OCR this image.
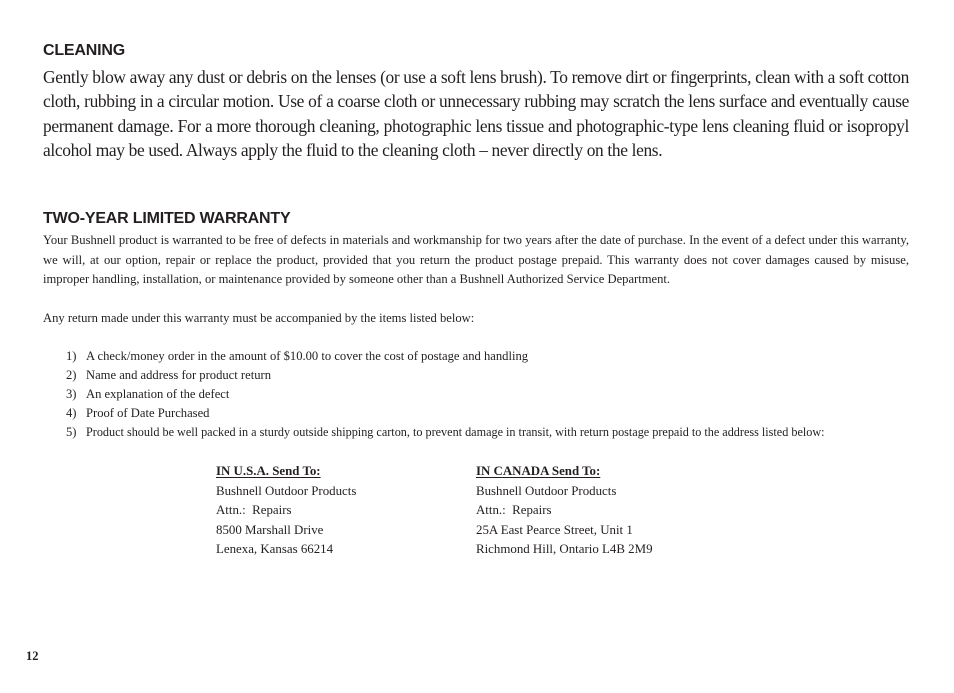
CLEANING

Gently blow away any dust or debris on the lenses (or use a soft lens brush). To remove dirt or fingerprints, clean with a soft cotton cloth, rubbing in a circular motion. Use of a coarse cloth or unnecessary rubbing may scratch the lens surface and eventually cause permanent damage. For a more thorough cleaning, photographic lens tissue and photographic-type lens cleaning fluid or isopropyl alcohol may be used. Always apply the fluid to the cleaning cloth – never directly on the lens.

TWO-YEAR LIMITED WARRANTY

Your Bushnell product is warranted to be free of defects in materials and workmanship for two years after the date of purchase. In the event of a defect under this warranty, we will, at our option, repair or replace the product, provided that you return the product postage prepaid. This warranty does not cover damages caused by misuse, improper handling, installation, or maintenance provided by someone other than a Bushnell Authorized Service Department.

Any return made under this warranty must be accompanied by the items listed below:

1) A check/money order in the amount of $10.00 to cover the cost of postage and handling
2) Name and address for product return
3) An explanation of the defect
4) Proof of Date Purchased
5) Product should be well packed in a sturdy outside shipping carton, to prevent damage in transit, with return postage prepaid to the address listed below:
IN U.S.A. Send To:
Bushnell Outdoor Products
Attn.:  Repairs
8500 Marshall Drive
Lenexa, Kansas 66214
IN CANADA Send To:
Bushnell Outdoor Products
Attn.:  Repairs
25A East Pearce Street, Unit 1
Richmond Hill, Ontario L4B 2M9
12
